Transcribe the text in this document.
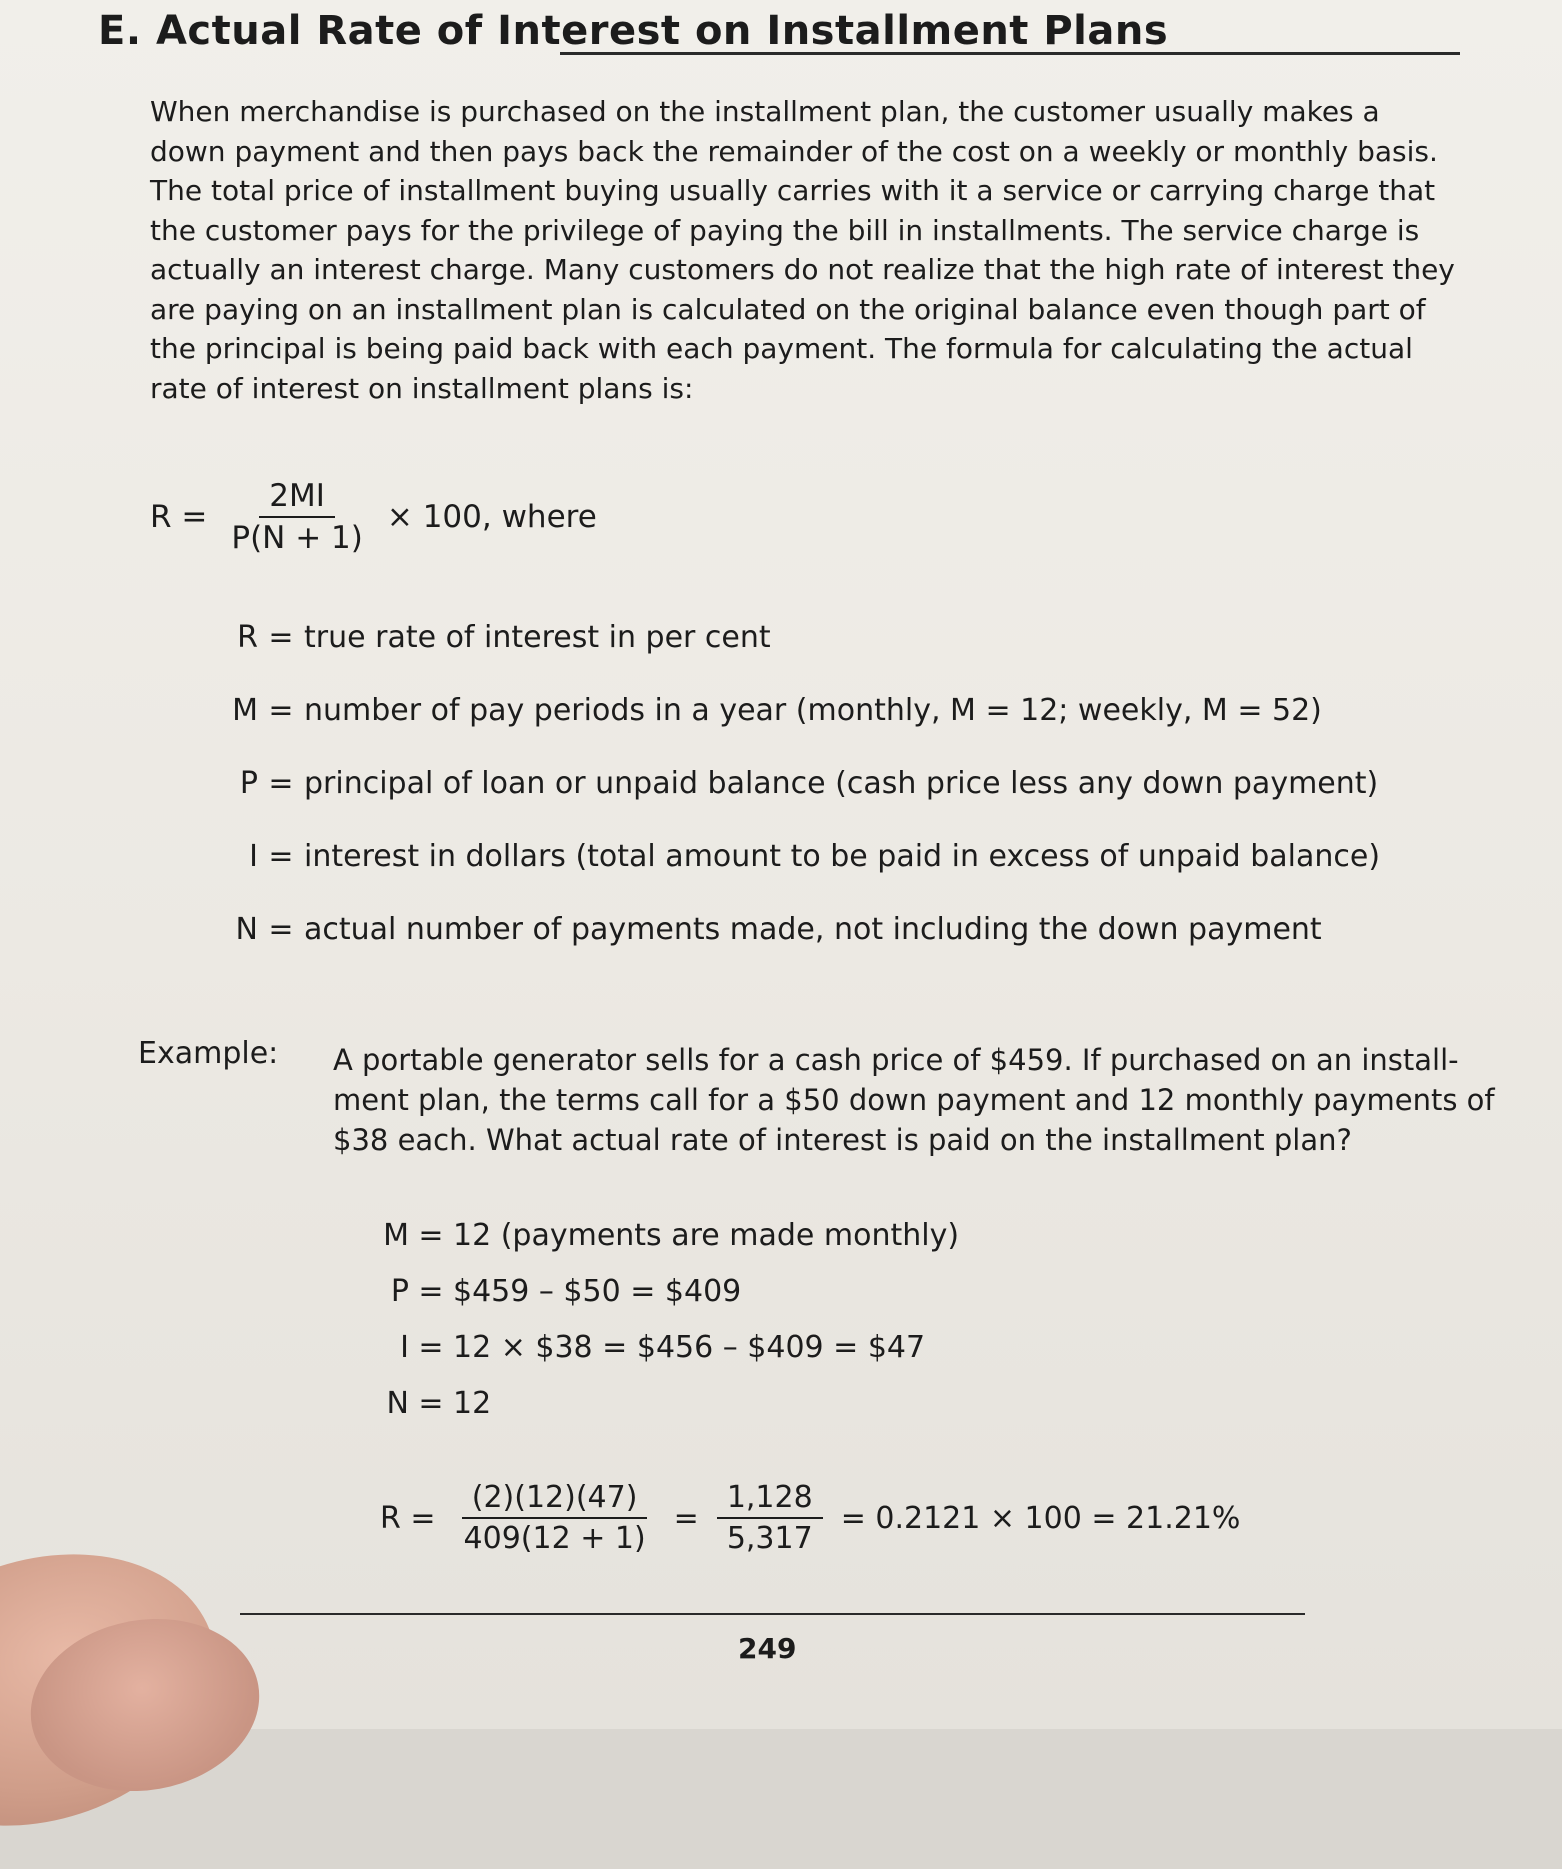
E. Actual Rate of Interest on Installment Plans

When merchandise is purchased on the installment plan, the customer usually makes a
down payment and then pays back the remainder of the cost on a weekly or monthly basis.
The total price of installment buying usually carries with it a service or carrying charge that
the customer pays for the privilege of paying the bill in installments. The service charge is
actually an interest charge. Many customers do not realize that the high rate of interest they
are paying on an installment plan is calculated on the original balance even though part of
the principal is being paid back with each payment. The formula for calculating the actual
rate of interest on installment plans is:

$R = \frac{2MI}{P(N + 1)} \times 100$, where
R = true rate of interest in per cent
M = number of pay periods in a year (monthly, M = 12; weekly, M = 52)
P = principal of loan or unpaid balance (cash price less any down payment)
I = interest in dollars (total amount to be paid in excess of unpaid balance)
N = actual number of payments made, not including the down payment
Example: A portable generator sells for a cash price of $459. If purchased on an install-
ment plan, the terms call for a $50 down payment and 12 monthly payments of
$38 each. What actual rate of interest is paid on the installment plan?
M = 12 (payments are made monthly)
P = $459 – $50 = $409
I = 12 × $38 = $456 – $409 = $47
N = 12
$R = \frac{(2)(12)(47)}{409(12 + 1)} = \frac{1,128}{5,317} = 0.2121 \times 100 = 21.21\%$
249
